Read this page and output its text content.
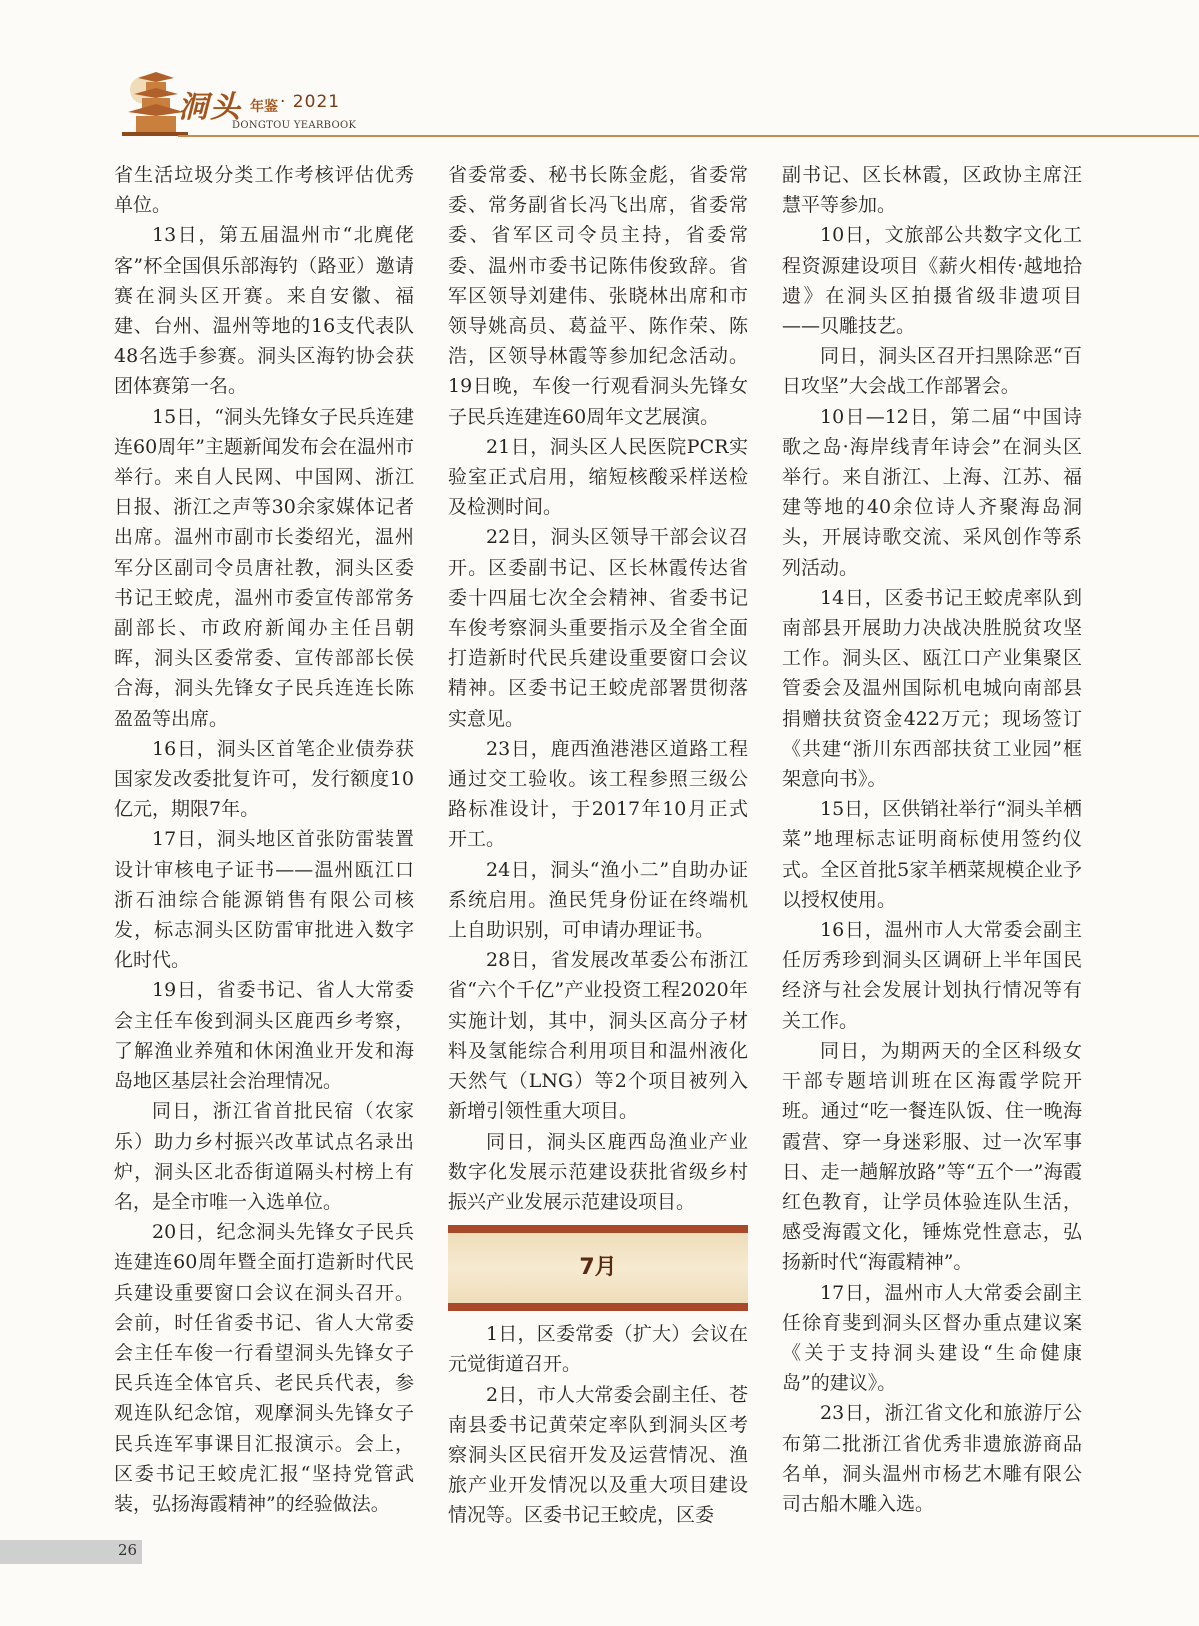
洞头 年鉴 · 2021
DONGTOU YEARBOOK

省生活垃圾分类工作考核评估优秀单位。

13日，第五届温州市“北麂佬客”杯全国俱乐部海钓（路亚）邀请赛在洞头区开赛。来自安徽、福建、台州、温州等地的16支代表队48名选手参赛。洞头区海钓协会获团体赛第一名。

15日，“洞头先锋女子民兵连建连60周年”主题新闻发布会在温州市举行。来自人民网、中国网、浙江日报、浙江之声等30余家媒体记者出席。温州市副市长娄绍光，温州军分区副司令员唐社教，洞头区委书记王蛟虎，温州市委宣传部常务副部长、市政府新闻办主任吕朝晖，洞头区委常委、宣传部部长侯合海，洞头先锋女子民兵连连长陈盈盈等出席。

16日，洞头区首笔企业债券获国家发改委批复许可，发行额度10亿元，期限7年。

17日，洞头地区首张防雷装置设计审核电子证书——温州瓯江口浙石油综合能源销售有限公司核发，标志洞头区防雷审批进入数字化时代。

19日，省委书记、省人大常委会主任车俊到洞头区鹿西乡考察，了解渔业养殖和休闲渔业开发和海岛地区基层社会治理情况。

同日，浙江省首批民宿（农家乐）助力乡村振兴改革试点名录出炉，洞头区北岙街道隔头村榜上有名，是全市唯一入选单位。

20日，纪念洞头先锋女子民兵连建连60周年暨全面打造新时代民兵建设重要窗口会议在洞头召开。会前，时任省委书记、省人大常委会主任车俊一行看望洞头先锋女子民兵连全体官兵、老民兵代表，参观连队纪念馆，观摩洞头先锋女子民兵连军事课目汇报演示。会上，区委书记王蛟虎汇报“坚持党管武装，弘扬海霞精神”的经验做法。

省委常委、秘书长陈金彪，省委常委、常务副省长冯飞出席，省委常委、省军区司令员主持，省委常委、温州市委书记陈伟俊致辞。省军区领导刘建伟、张晓林出席和市领导姚高员、葛益平、陈作荣、陈浩，区领导林霞等参加纪念活动。19日晚，车俊一行观看洞头先锋女子民兵连建连60周年文艺展演。

21日，洞头区人民医院PCR实验室正式启用，缩短核酸采样送检及检测时间。

22日，洞头区领导干部会议召开。区委副书记、区长林霞传达省委十四届七次全会精神、省委书记车俊考察洞头重要指示及全省全面打造新时代民兵建设重要窗口会议精神。区委书记王蛟虎部署贯彻落实意见。

23日，鹿西渔港港区道路工程通过交工验收。该工程参照三级公路标准设计，于2017年10月正式开工。

24日，洞头“渔小二”自助办证系统启用。渔民凭身份证在终端机上自助识别，可申请办理证书。

28日，省发展改革委公布浙江省“六个千亿”产业投资工程2020年实施计划，其中，洞头区高分子材料及氢能综合利用项目和温州液化天然气（LNG）等2个项目被列入新增引领性重大项目。

同日，洞头区鹿西岛渔业产业数字化发展示范建设获批省级乡村振兴产业发展示范建设项目。

7月

1日，区委常委（扩大）会议在元觉街道召开。

2日，市人大常委会副主任、苍南县委书记黄荣定率队到洞头区考察洞头区民宿开发及运营情况、渔旅产业开发情况以及重大项目建设情况等。区委书记王蛟虎，区委

副书记、区长林霞，区政协主席汪慧平等参加。

10日，文旅部公共数字文化工程资源建设项目《薪火相传·越地拾遗》在洞头区拍摄省级非遗项目——贝雕技艺。

同日，洞头区召开扫黑除恶“百日攻坚”大会战工作部署会。

10日—12日，第二届“中国诗歌之岛·海岸线青年诗会”在洞头区举行。来自浙江、上海、江苏、福建等地的40余位诗人齐聚海岛洞头，开展诗歌交流、采风创作等系列活动。

14日，区委书记王蛟虎率队到南部县开展助力决战决胜脱贫攻坚工作。洞头区、瓯江口产业集聚区管委会及温州国际机电城向南部县捐赠扶贫资金422万元；现场签订《共建“浙川东西部扶贫工业园”框架意向书》。

15日，区供销社举行“洞头羊栖菜”地理标志证明商标使用签约仪式。全区首批5家羊栖菜规模企业予以授权使用。

16日，温州市人大常委会副主任厉秀珍到洞头区调研上半年国民经济与社会发展计划执行情况等有关工作。

同日，为期两天的全区科级女干部专题培训班在区海霞学院开班。通过“吃一餐连队饭、住一晚海霞营、穿一身迷彩服、过一次军事日、走一趟解放路”等“五个一”海霞红色教育，让学员体验连队生活，感受海霞文化，锤炼党性意志，弘扬新时代“海霞精神”。

17日，温州市人大常委会副主任徐育斐到洞头区督办重点建议案《关于支持洞头建设“生命健康岛”的建议》。

23日，浙江省文化和旅游厅公布第二批浙江省优秀非遗旅游商品名单，洞头温州市杨艺木雕有限公司古船木雕入选。

26
